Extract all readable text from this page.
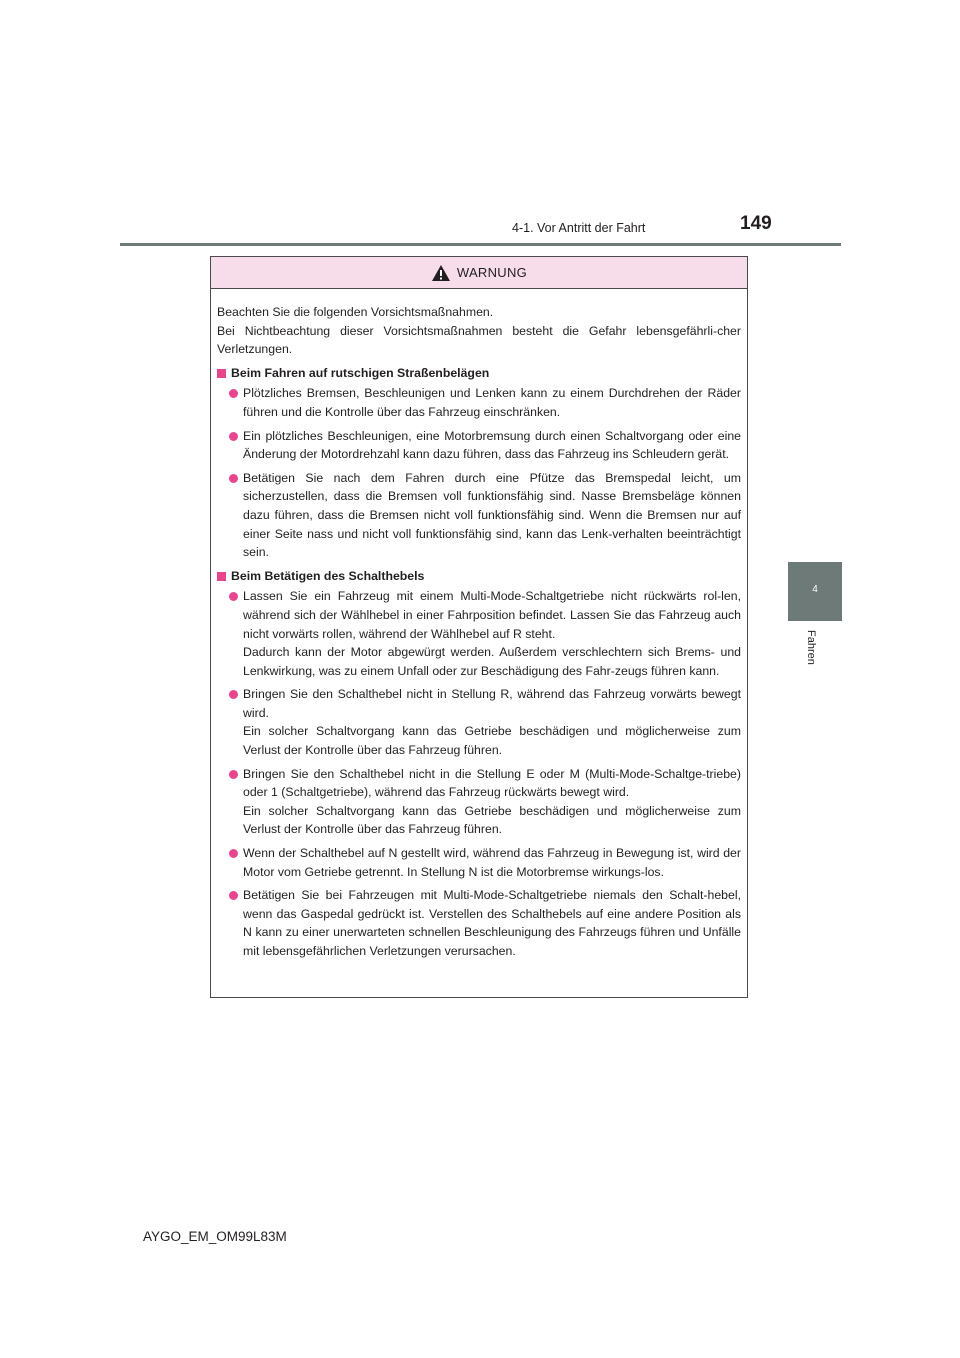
4-1. Vor Antritt der Fahrt	149
4
Fahren
WARNUNG

Beachten Sie die folgenden Vorsichtsmaßnahmen.
Bei Nichtbeachtung dieser Vorsichtsmaßnahmen besteht die Gefahr lebensgefährli-cher Verletzungen.

Beim Fahren auf rutschigen Straßenbelägen
Plötzliches Bremsen, Beschleunigen und Lenken kann zu einem Durchdrehen der Räder führen und die Kontrolle über das Fahrzeug einschränken.
Ein plötzliches Beschleunigen, eine Motorbremsung durch einen Schaltvorgang oder eine Änderung der Motordrehzahl kann dazu führen, dass das Fahrzeug ins Schleudern gerät.
Betätigen Sie nach dem Fahren durch eine Pfütze das Bremspedal leicht, um sicherzustellen, dass die Bremsen voll funktionsfähig sind. Nasse Bremsbeläge können dazu führen, dass die Bremsen nicht voll funktionsfähig sind. Wenn die Bremsen nur auf einer Seite nass und nicht voll funktionsfähig sind, kann das Lenk-verhalten beeinträchtigt sein.
Beim Betätigen des Schalthebels
Lassen Sie ein Fahrzeug mit einem Multi-Mode-Schaltgetriebe nicht rückwärts rol-len, während sich der Wählhebel in einer Fahrposition befindet. Lassen Sie das Fahrzeug auch nicht vorwärts rollen, während der Wählhebel auf R steht.
Dadurch kann der Motor abgewürgt werden. Außerdem verschlechtern sich Brems- und Lenkwirkung, was zu einem Unfall oder zur Beschädigung des Fahr-zeugs führen kann.
Bringen Sie den Schalthebel nicht in Stellung R, während das Fahrzeug vorwärts bewegt wird.
Ein solcher Schaltvorgang kann das Getriebe beschädigen und möglicherweise zum Verlust der Kontrolle über das Fahrzeug führen.
Bringen Sie den Schalthebel nicht in die Stellung E oder M (Multi-Mode-Schaltge-triebe) oder 1 (Schaltgetriebe), während das Fahrzeug rückwärts bewegt wird.
Ein solcher Schaltvorgang kann das Getriebe beschädigen und möglicherweise zum Verlust der Kontrolle über das Fahrzeug führen.
Wenn der Schalthebel auf N gestellt wird, während das Fahrzeug in Bewegung ist, wird der Motor vom Getriebe getrennt. In Stellung N ist die Motorbremse wirkungs-los.
Betätigen Sie bei Fahrzeugen mit Multi-Mode-Schaltgetriebe niemals den Schalt-hebel, wenn das Gaspedal gedrückt ist. Verstellen des Schalthebels auf eine andere Position als N kann zu einer unerwarteten schnellen Beschleunigung des Fahrzeugs führen und Unfälle mit lebensgefährlichen Verletzungen verursachen.
AYGO_EM_OM99L83M
